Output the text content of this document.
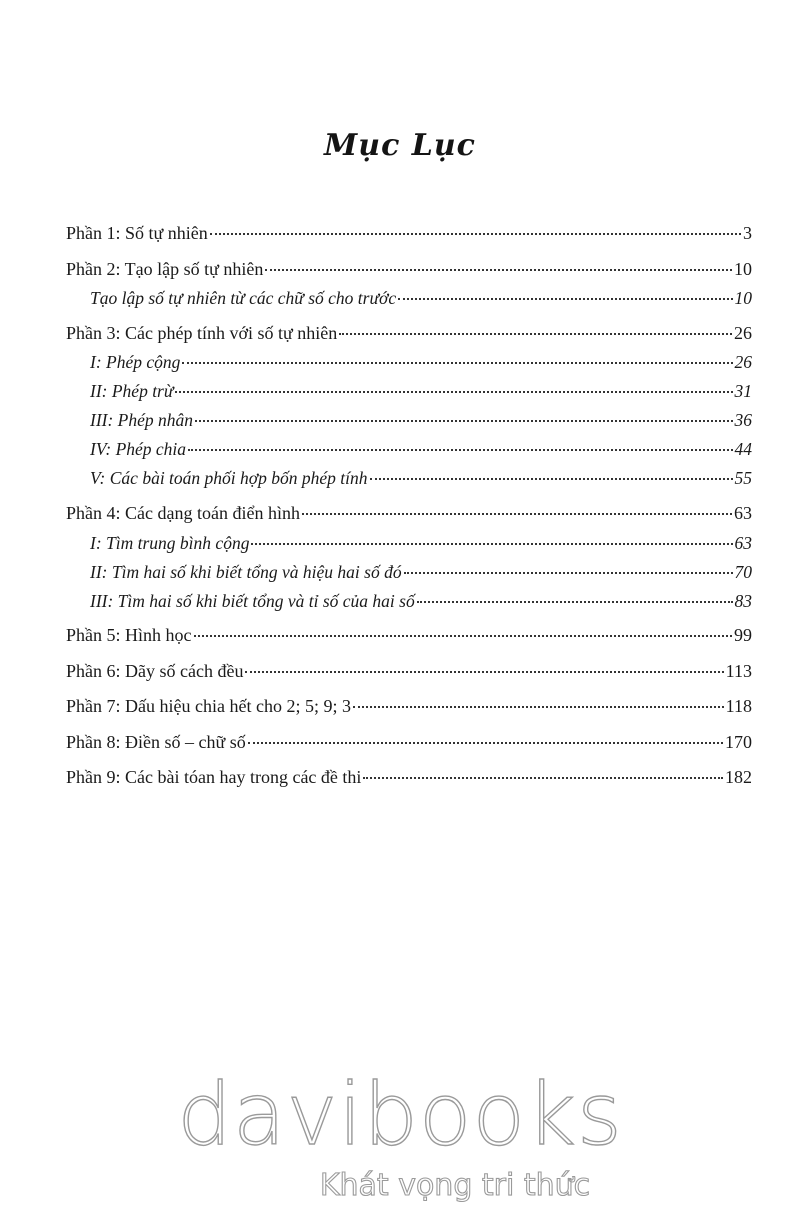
Mục Lục
Phần 1: Số tự nhiên	3
Phần 2: Tạo lập số tự nhiên	10
Tạo lập số tự nhiên từ các chữ số cho trước	10
Phần 3: Các phép tính với số tự nhiên	26
I: Phép cộng	26
II: Phép trừ	31
III: Phép nhân	36
IV: Phép chia	44
V: Các bài toán phối hợp bốn phép tính	55
Phần 4: Các dạng toán điển hình	63
I: Tìm trung bình cộng	63
II: Tìm hai số khi biết tổng và hiệu hai số đó	70
III: Tìm hai số khi biết tổng và tỉ số của hai số	83
Phần 5: Hình học	99
Phần 6: Dãy số cách đều	113
Phần 7: Dấu hiệu chia hết cho 2; 5; 9; 3	118
Phần 8: Điền số – chữ số	170
Phần 9: Các bài tóan hay trong các đề thi	182
davibooks
Khát vọng tri thức
